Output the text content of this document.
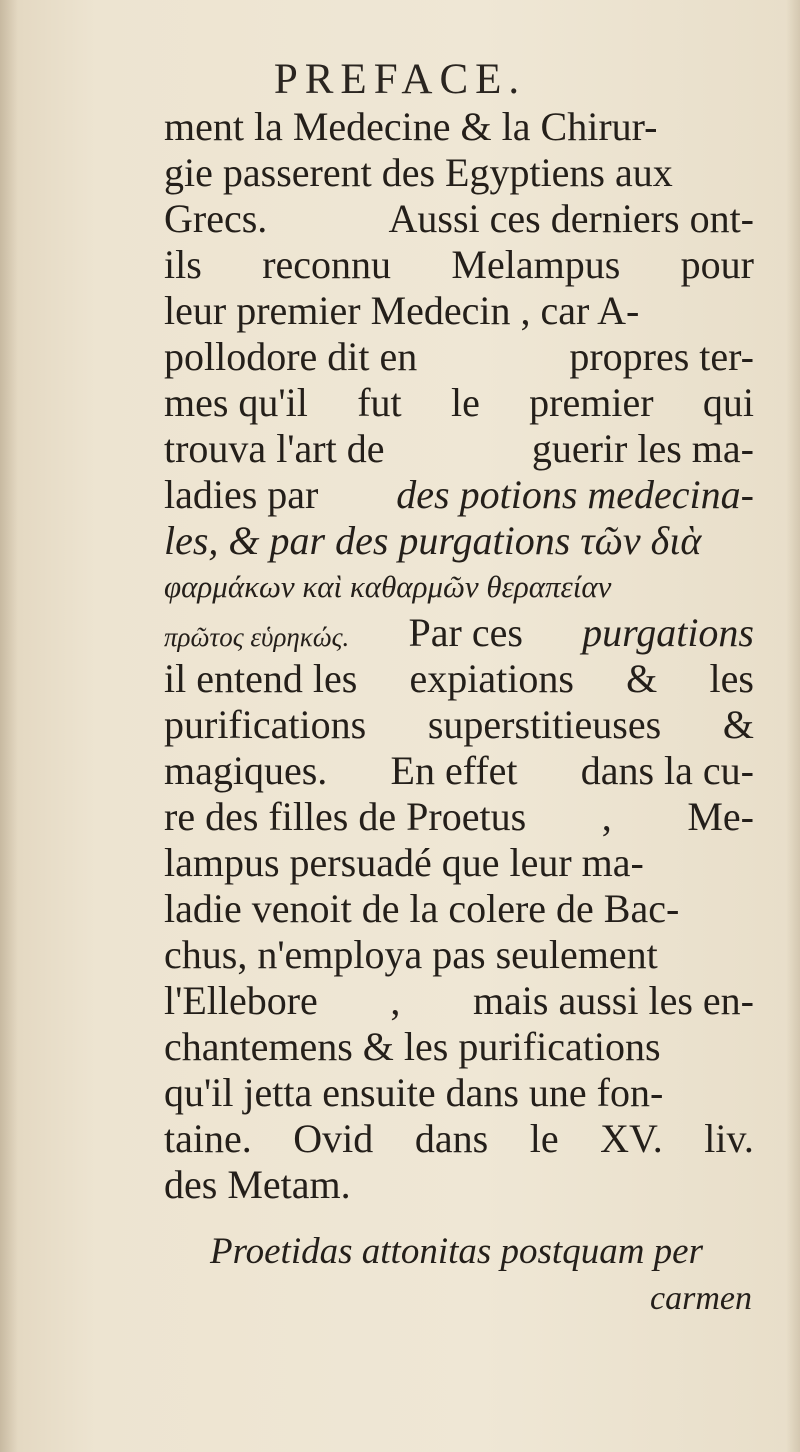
PREFACE.
ment la Medecine & la Chirur-
gie passerent des Egyptiens aux
Grecs.	Aussi ces derniers ont-
ils reconnu Melampus pour
leur premier Medecin , car A-
pollodore dit en	propres ter-
mes qu'il fut le premier qui
trouva l'art de	guerir les ma-
ladies par des potions medecina-
les, & par des purgations τῶν διὰ
φαρμάκων καὶ καθαρμῶν θεραπείαν
πρῶτος εὑρηκώς. Par ces purgations
il entend les expiations & les
purifications superstitieuses &
magiques. En effet dans la cu-
re des filles de Proetus , Me-
lampus persuadé que leur ma-
ladie venoit de la colere de Bac-
chus, n'employa pas seulement
l'Ellebore , mais aussi les en-
chantemens & les purifications
qu'il jetta ensuite dans une fon-
taine. Ovid dans le XV. liv.
des Metam.
Proetidas attonitas postquam per
carmen
